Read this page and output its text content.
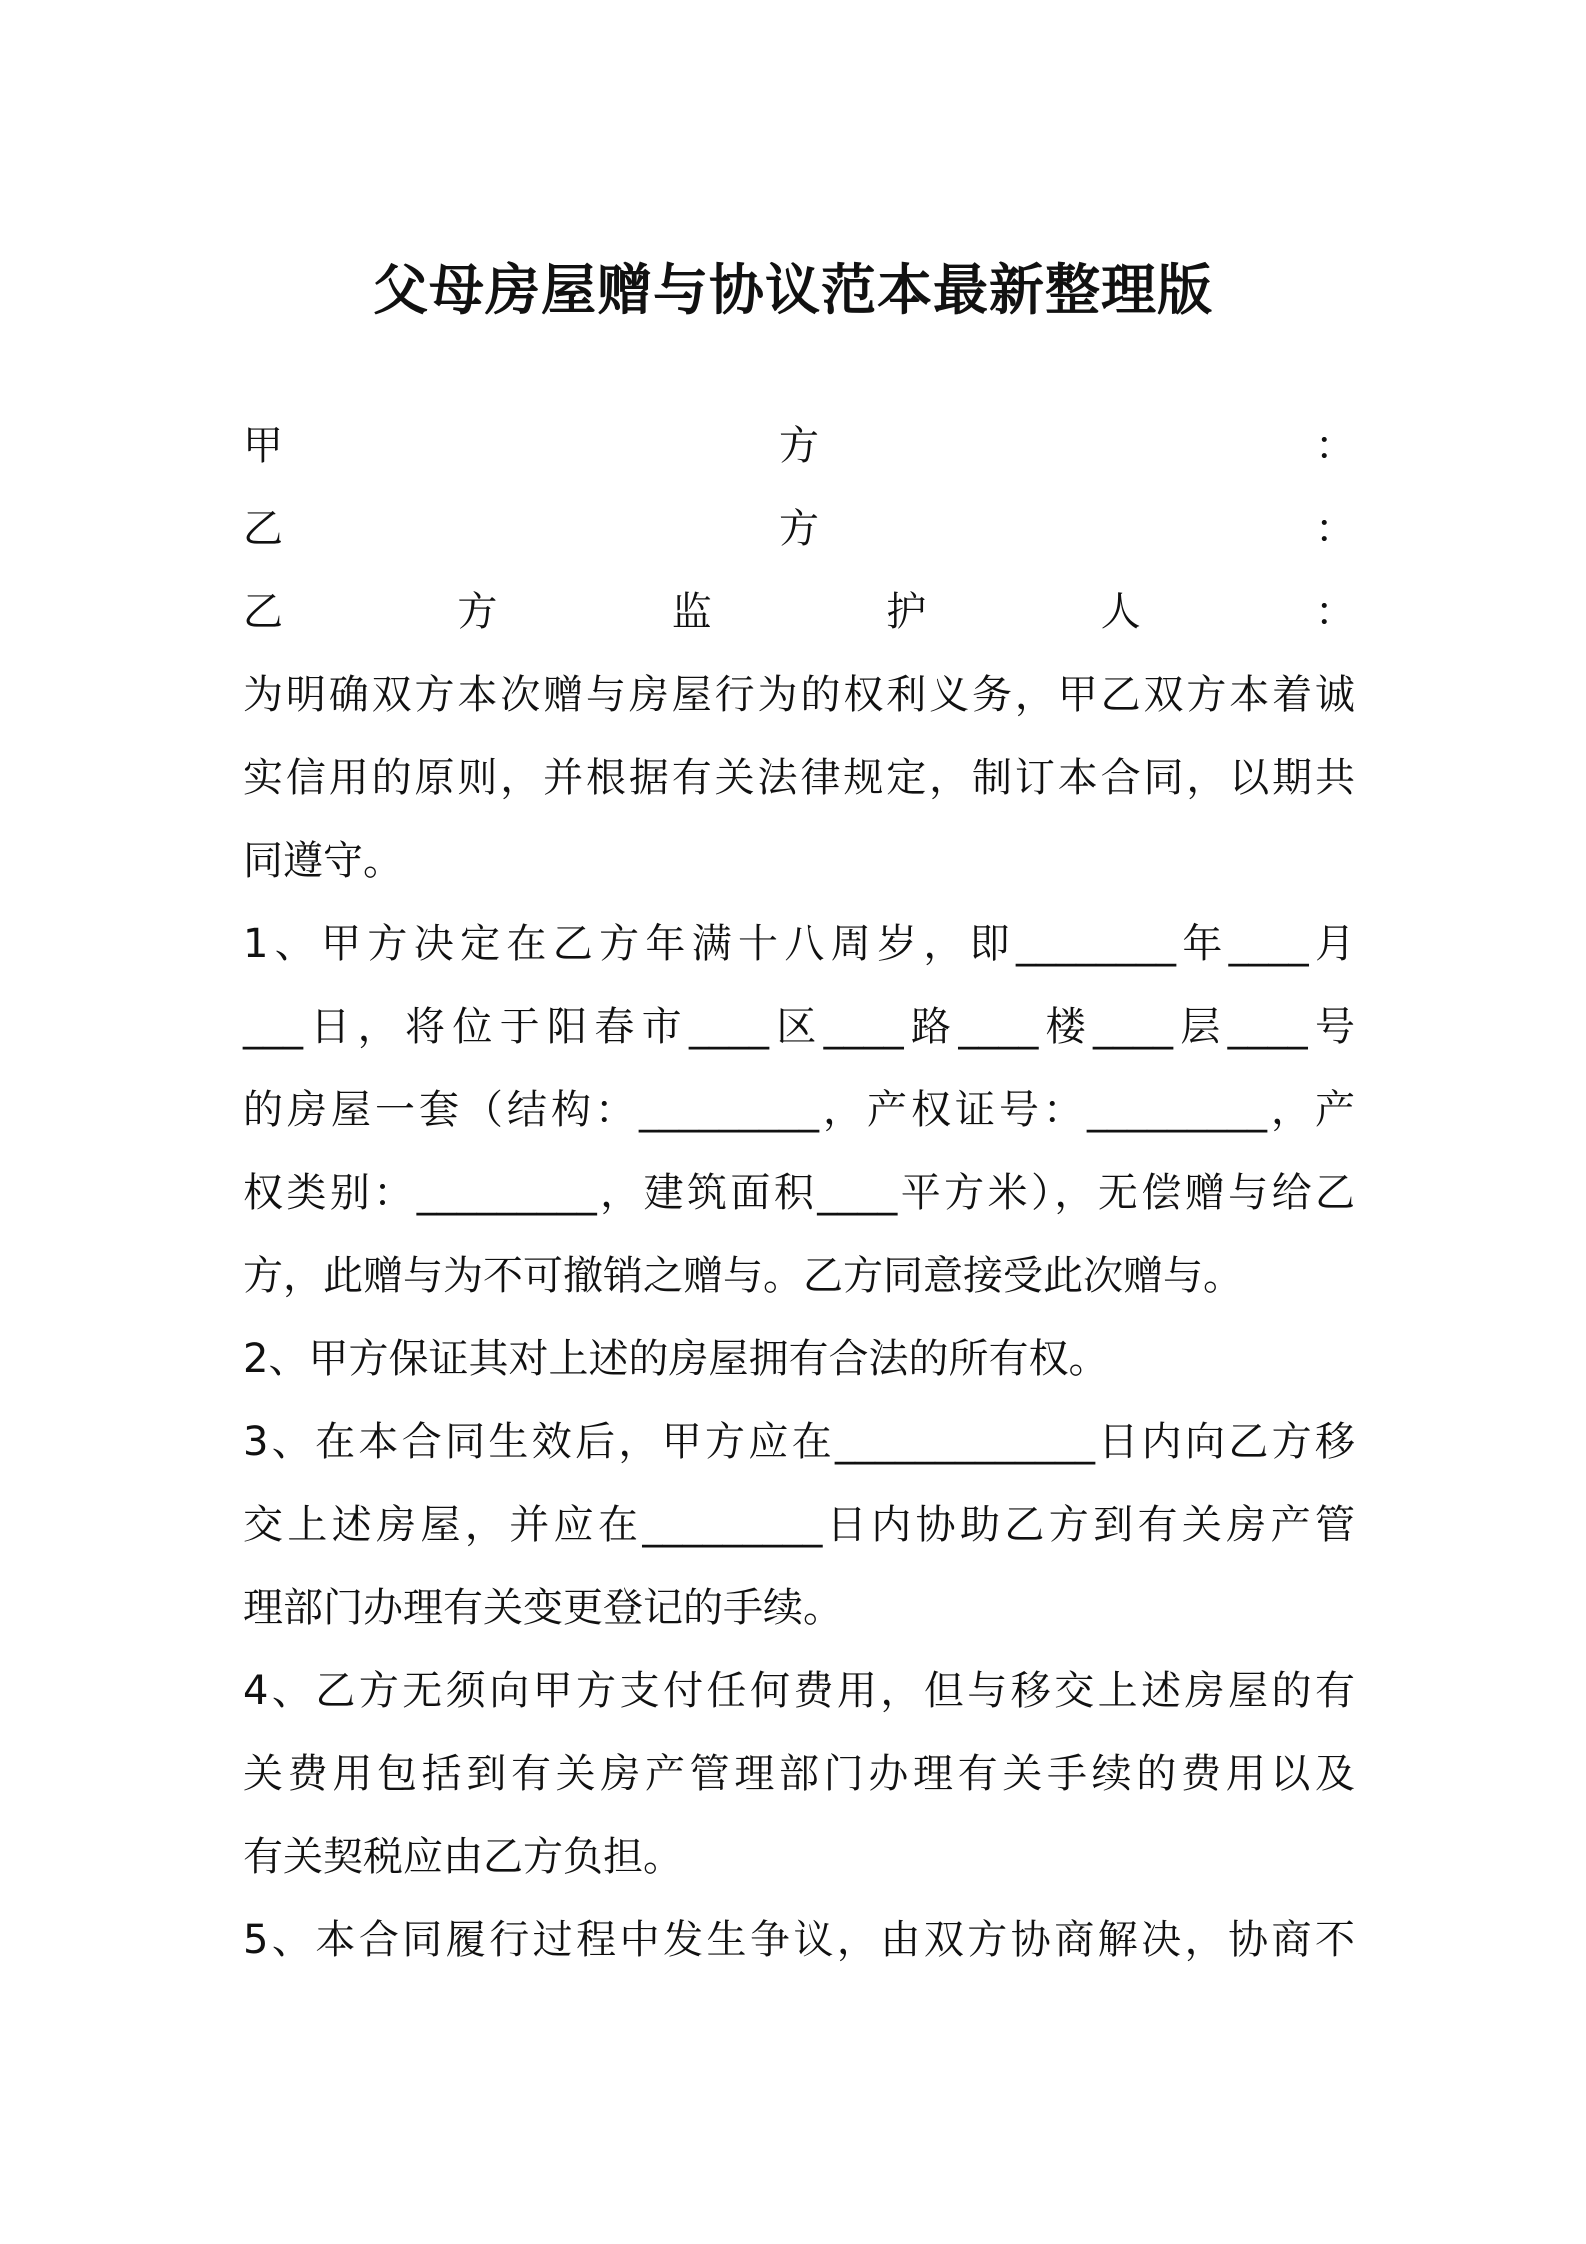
父母房屋赠与协议范本最新整理版
甲方：
乙方：
乙方监护人：
为明确双方本次赠与房屋行为的权利义务，甲乙双方本着诚
实信用的原则，并根据有关法律规定，制订本合同，以期共
同遵守。
1、甲方决定在乙方年满十八周岁，即________年____月
___日，将位于阳春市____区____路____楼____层____号
的房屋一套（结构：_________，产权证号：_________，产
权类别：_________，建筑面积____平方米），无偿赠与给乙
方，此赠与为不可撤销之赠与。乙方同意接受此次赠与。
2、甲方保证其对上述的房屋拥有合法的所有权。
3、在本合同生效后，甲方应在_____________日内向乙方移
交上述房屋，并应在_________日内协助乙方到有关房产管
理部门办理有关变更登记的手续。
4、乙方无须向甲方支付任何费用，但与移交上述房屋的有
关费用包括到有关房产管理部门办理有关手续的费用以及
有关契税应由乙方负担。
5、本合同履行过程中发生争议，由双方协商解决，协商不
